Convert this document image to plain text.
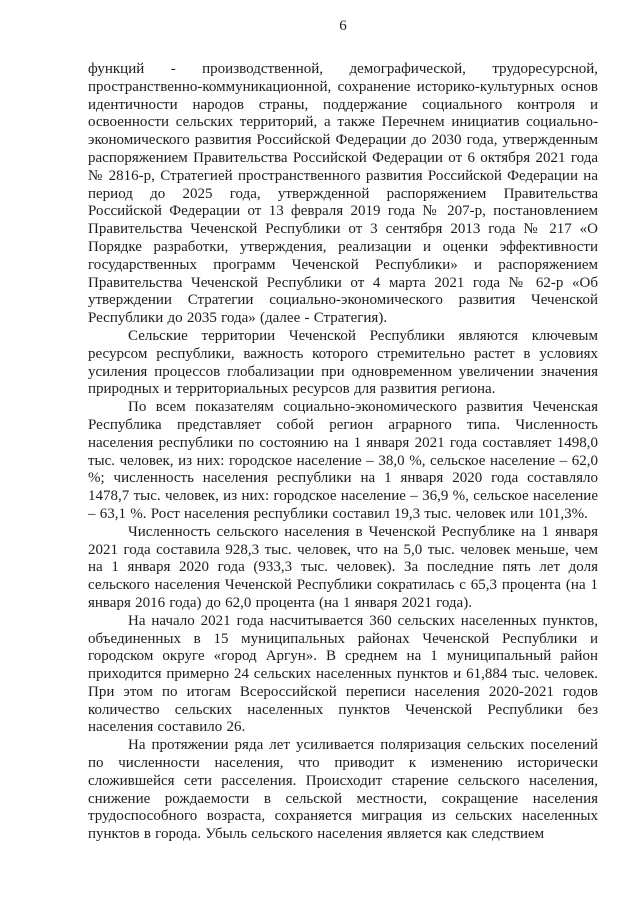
6

функций - производственной, демографической, трудоресурсной, пространственно-коммуникационной, сохранение историко-культурных основ идентичности народов страны, поддержание социального контроля и освоенности сельских территорий, а также Перечнем инициатив социально-экономического развития Российской Федерации до 2030 года, утвержденным распоряжением Правительства Российской Федерации от 6 октября 2021 года № 2816-р, Стратегией пространственного развития Российской Федерации на период до 2025 года, утвержденной распоряжением Правительства Российской Федерации от 13 февраля 2019 года № 207-р, постановлением Правительства Чеченской Республики от 3 сентября 2013 года № 217 «О Порядке разработки, утверждения, реализации и оценки эффективности государственных программ Чеченской Республики» и распоряжением Правительства Чеченской Республики от 4 марта 2021 года № 62-р «Об утверждении Стратегии социально-экономического развития Чеченской Республики до 2035 года» (далее - Стратегия).

Сельские территории Чеченской Республики являются ключевым ресурсом республики, важность которого стремительно растет в условиях усиления процессов глобализации при одновременном увеличении значения природных и территориальных ресурсов для развития региона.

По всем показателям социально-экономического развития Чеченская Республика представляет собой регион аграрного типа. Численность населения республики по состоянию на 1 января 2021 года составляет 1498,0 тыс. человек, из них: городское население – 38,0 %, сельское население – 62,0 %; численность населения республики на 1 января 2020 года составляло 1478,7 тыс. человек, из них: городское население – 36,9 %, сельское население – 63,1 %. Рост населения республики составил 19,3 тыс. человек или 101,3%.

Численность сельского населения в Чеченской Республике на 1 января 2021 года составила 928,3 тыс. человек, что на 5,0 тыс. человек меньше, чем на 1 января 2020 года (933,3 тыс. человек). За последние пять лет доля сельского населения Чеченской Республики сократилась с 65,3 процента (на 1 января 2016 года) до 62,0 процента (на 1 января 2021 года).

На начало 2021 года насчитывается 360 сельских населенных пунктов, объединенных в 15 муниципальных районах Чеченской Республики и городском округе «город Аргун». В среднем на 1 муниципальный район приходится примерно 24 сельских населенных пунктов и 61,884 тыс. человек. При этом по итогам Всероссийской переписи населения 2020-2021 годов количество сельских населенных пунктов Чеченской Республики без населения составило 26.

На протяжении ряда лет усиливается поляризация сельских поселений по численности населения, что приводит к изменению исторически сложившейся сети расселения. Происходит старение сельского населения, снижение рождаемости в сельской местности, сокращение населения трудоспособного возраста, сохраняется миграция из сельских населенных пунктов в города. Убыль сельского населения является как следствием
